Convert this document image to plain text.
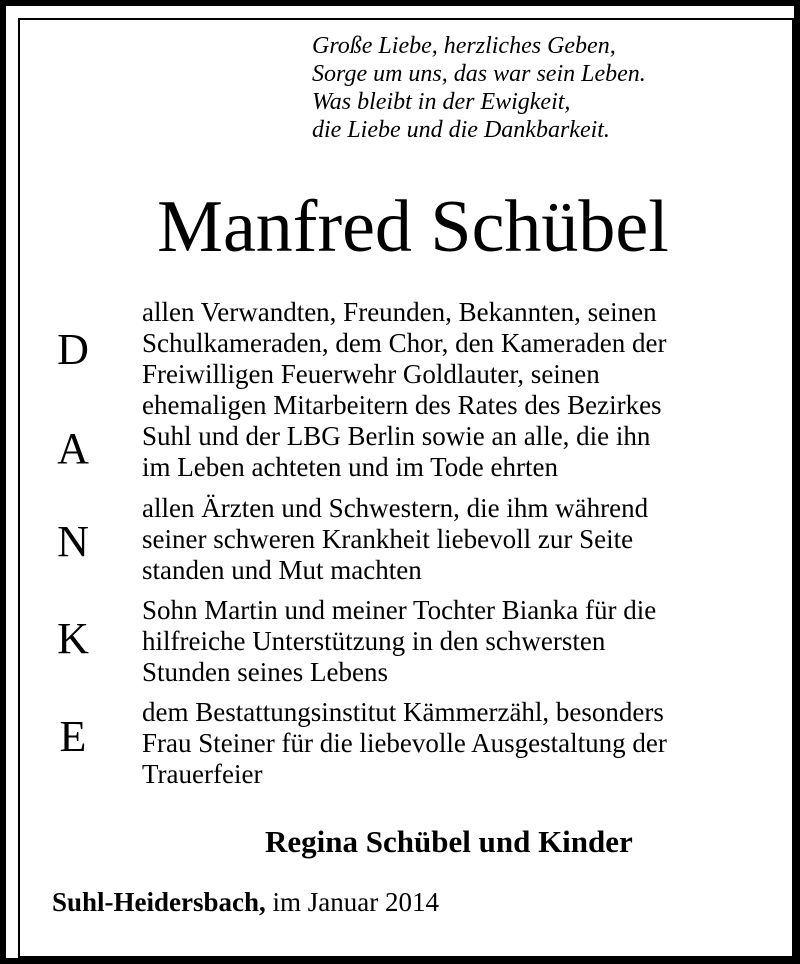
Große Liebe, herzliches Geben,
Sorge um uns, das war sein Leben.
Was bleibt in der Ewigkeit,
die Liebe und die Dankbarkeit.
Manfred Schübel
D
A
N
K
E
allen Verwandten, Freunden, Bekannten, seinen
Schulkameraden, dem Chor, den Kameraden der
Freiwilligen Feuerwehr Goldlauter, seinen
ehemaligen Mitarbeitern des Rates des Bezirkes
Suhl und der LBG Berlin sowie an alle, die ihn
im Leben achteten und im Tode ehrten
allen Ärzten und Schwestern, die ihm während
seiner schweren Krankheit liebevoll zur Seite
standen und Mut machten
Sohn Martin und meiner Tochter Bianka für die
hilfreiche Unterstützung in den schwersten
Stunden seines Lebens
dem Bestattungsinstitut Kämmerzähl, besonders
Frau Steiner für die liebevolle Ausgestaltung der
Trauerfeier
Regina Schübel und Kinder
Suhl-Heidersbach, im Januar 2014
